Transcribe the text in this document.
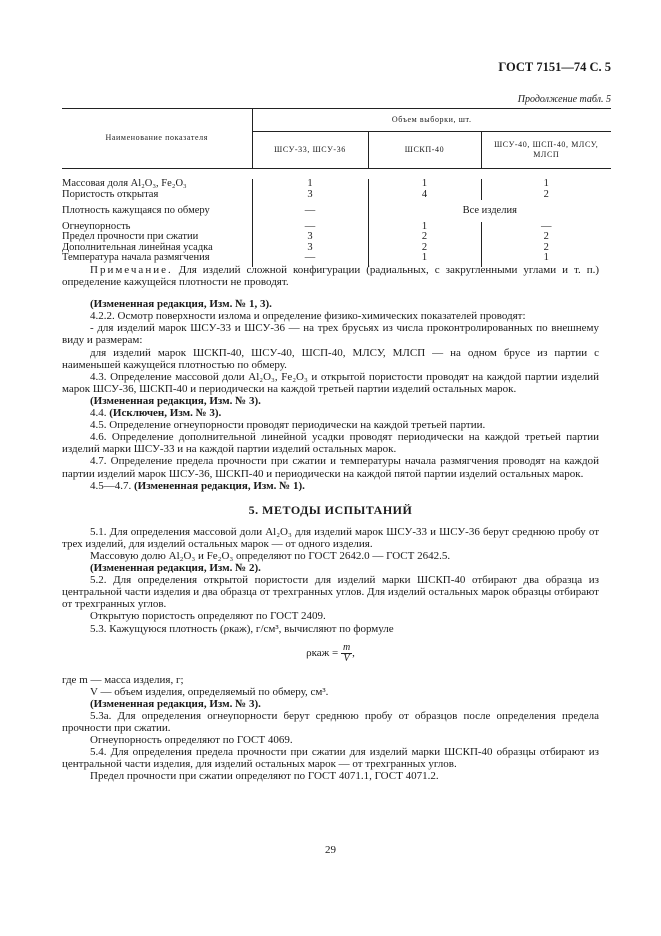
ГОСТ 7151—74 С. 5
Продолжение табл. 5
Наименование показателя	Объем выборки, шт.		
	ШСУ-33, ШСУ-36	ШСКП-40	ШСУ-40, ШСП-40, МЛСУ, МЛСП

Массовая доля Al₂O₃, Fe₂O₃	1	1	1
Пористость открытая	3	4	2
Плотность кажущаяся по обмеру	—	Все изделия	
Огнеупорность	—	1	—
Предел прочности при сжатии	3	2	2
Дополнительная линейная усадка	3	2	2
Температура начала размягчения	—	1	1

Примечание. Для изделий сложной конфигурации (радиальных, с закругленными углами и т. п.) определение кажущейся плотности не проводят.

(Измененная редакция, Изм. № 1, 3).

4.2.2. Осмотр поверхности излома и определение физико-химических показателей проводят:

- для изделий марок ШСУ-33 и ШСУ-36 — на трех брусьях из числа проконтролированных по внешнему виду и размерам:

для изделий марок ШСКП-40, ШСУ-40, ШСП-40, МЛСУ, МЛСП — на одном брусе из партии с наименьшей кажущейся плотностью по обмеру.

4.3. Определение массовой доли Al₂O₃, Fe₂O₃ и открытой пористости проводят на каждой партии изделий марок ШСУ-36, ШСКП-40 и периодически на каждой третьей партии изделий остальных марок.

(Измененная редакция, Изм. № 3).

4.4. (Исключен, Изм. № 3).

4.5. Определение огнеупорности проводят периодически на каждой третьей партии.

4.6. Определение дополнительной линейной усадки проводят периодически на каждой третьей партии изделий марки ШСУ-33 и на каждой партии изделий остальных марок.

4.7. Определение предела прочности при сжатии и температуры начала размягчения проводят на каждой партии изделий марок ШСУ-36, ШСКП-40 и периодически на каждой пятой партии изделий остальных марок.

4.5—4.7. (Измененная редакция, Изм. № 1).

5. МЕТОДЫ ИСПЫТАНИЙ

5.1. Для определения массовой доли Al₂O₃ для изделий марок ШСУ-33 и ШСУ-36 берут среднюю пробу от трех изделий, для изделий остальных марок — от одного изделия.

Массовую долю Al₂O₃ и Fe₂O₃ определяют по ГОСТ 2642.0 — ГОСТ 2642.5.

(Измененная редакция, Изм. № 2).

5.2. Для определения открытой пористости для изделий марки ШСКП-40 отбирают два образца из центральной части изделия и два образца от трехгранных углов. Для изделий остальных марок образцы отбирают от трехгранных углов.

Открытую пористость определяют по ГОСТ 2409.

5.3. Кажущуюся плотность (ρкаж), г/см³, вычисляют по формуле

$\rho каж = \frac{m}{V}$ ,

где m — масса изделия, г;

V — объем изделия, определяемый по обмеру, см³.

(Измененная редакция, Изм. № 3).

5.3а. Для определения огнеупорности берут среднюю пробу от образцов после определения предела прочности при сжатии.

Огнеупорность определяют по ГОСТ 4069.

5.4. Для определения предела прочности при сжатии для изделий марки ШСКП-40 образцы отбирают из центральной части изделия, для изделий остальных марок — от трехгранных углов.

Предел прочности при сжатии определяют по ГОСТ 4071.1, ГОСТ 4071.2.

29
